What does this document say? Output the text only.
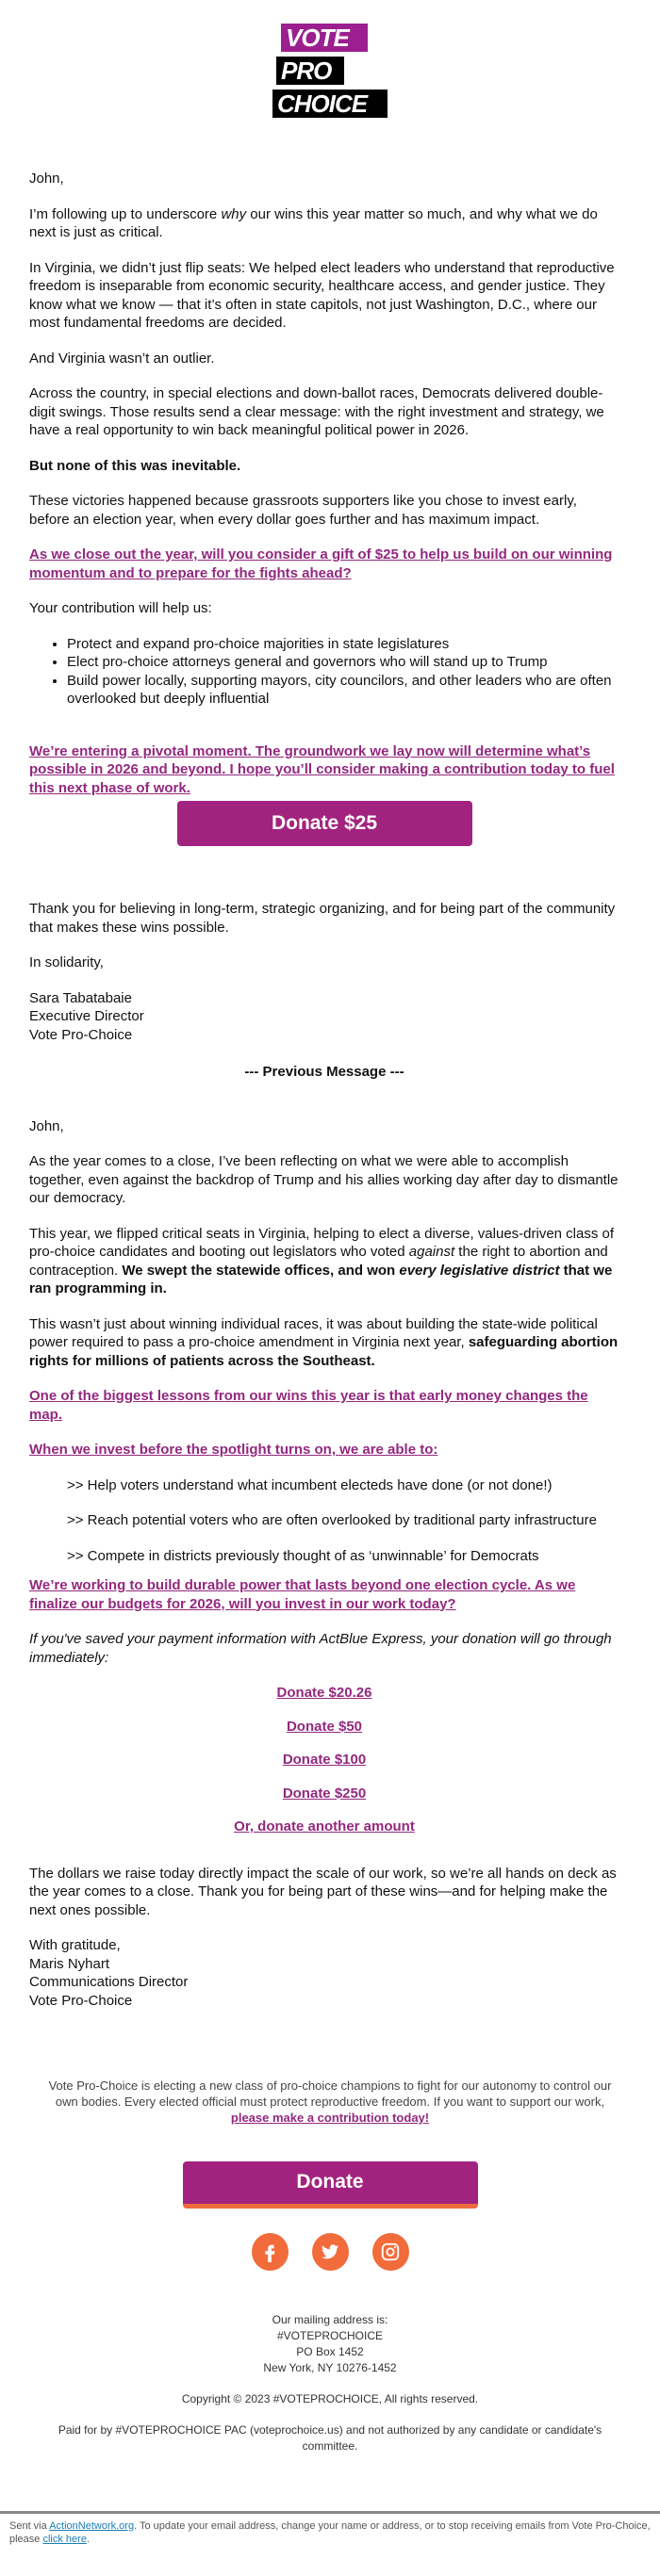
VOTE
PRO
CHOICE

John,

I’m following up to underscore why our wins this year matter so much, and why what we do next is just as critical.

In Virginia, we didn’t just flip seats: We helped elect leaders who understand that reproductive freedom is inseparable from economic security, healthcare access, and gender justice. They know what we know — that it’s often in state capitols, not just Washington, D.C., where our most fundamental freedoms are decided.

And Virginia wasn’t an outlier.

Across the country, in special elections and down-ballot races, Democrats delivered double-digit swings. Those results send a clear message: with the right investment and strategy, we have a real opportunity to win back meaningful political power in 2026.

But none of this was inevitable.

These victories happened because grassroots supporters like you chose to invest early, before an election year, when every dollar goes further and has maximum impact.

As we close out the year, will you consider a gift of $25 to help us build on our winning momentum and to prepare for the fights ahead?

Your contribution will help us:

• Protect and expand pro-choice majorities in state legislatures
• Elect pro-choice attorneys general and governors who will stand up to Trump
• Build power locally, supporting mayors, city councilors, and other leaders who are often overlooked but deeply influential

We’re entering a pivotal moment. The groundwork we lay now will determine what’s possible in 2026 and beyond. I hope you’ll consider making a contribution today to fuel this next phase of work.

Donate $25

Thank you for believing in long-term, strategic organizing, and for being part of the community that makes these wins possible.

In solidarity,
Sara Tabatabaie
Executive Director
Vote Pro-Choice

--- Previous Message ---

John,

As the year comes to a close, I’ve been reflecting on what we were able to accomplish together, even against the backdrop of Trump and his allies working day after day to dismantle our democracy.

This year, we flipped critical seats in Virginia, helping to elect a diverse, values-driven class of pro-choice candidates and booting out legislators who voted against the right to abortion and contraception. We swept the statewide offices, and won every legislative district that we ran programming in.

This wasn’t just about winning individual races, it was about building the state-wide political power required to pass a pro-choice amendment in Virginia next year, safeguarding abortion rights for millions of patients across the Southeast.

One of the biggest lessons from our wins this year is that early money changes the map.

When we invest before the spotlight turns on, we are able to:

>> Help voters understand what incumbent electeds have done (or not done!)

>> Reach potential voters who are often overlooked by traditional party infrastructure

>> Compete in districts previously thought of as ‘unwinnable’ for Democrats

We’re working to build durable power that lasts beyond one election cycle. As we finalize our budgets for 2026, will you invest in our work today?

If you've saved your payment information with ActBlue Express, your donation will go through immediately:

Donate $20.26

Donate $50

Donate $100

Donate $250

Or, donate another amount

The dollars we raise today directly impact the scale of our work, so we’re all hands on deck as the year comes to a close. Thank you for being part of these wins—and for helping make the next ones possible.

With gratitude,
Maris Nyhart
Communications Director
Vote Pro-Choice
Vote Pro-Choice is electing a new class of pro-choice champions to fight for our autonomy to control our own bodies. Every elected official must protect reproductive freedom. If you want to support our work, please make a contribution today!
Donate
Our mailing address is:
#VOTEPROCHOICE
PO Box 1452
New York, NY 10276-1452
Copyright © 2023 #VOTEPROCHOICE, All rights reserved.
Paid for by #VOTEPROCHOICE PAC (voteprochoice.us) and not authorized by any candidate or candidate's committee.
Sent via ActionNetwork.org. To update your email address, change your name or address, or to stop receiving emails from Vote Pro-Choice, please click here.
